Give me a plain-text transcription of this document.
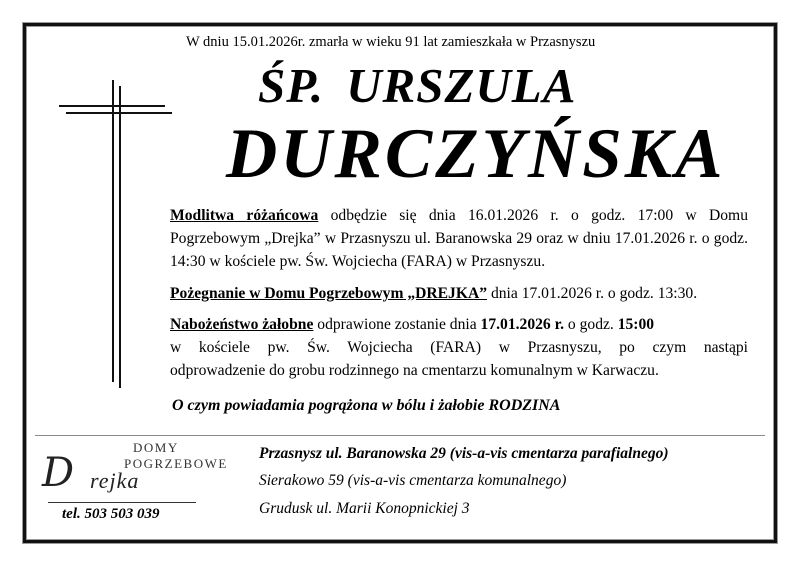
W dniu 15.01.2026r. zmarła w wieku 91 lat zamieszkała w Przasnyszu
ŚP. URSZULA
DURCZYŃSKA
Modlitwa różańcowa odbędzie się dnia 16.01.2026 r. o godz. 17:00 w Domu Pogrzebowym „Drejka” w Przasnyszu ul. Baranowska 29 oraz w dniu 17.01.2026 r. o godz. 14:30 w kościele pw. Św. Wojciecha (FARA) w Przasnyszu.
Pożegnanie w Domu Pogrzebowym „DREJKA” dnia 17.01.2026 r. o godz. 13:30.
Nabożeństwo żałobne odprawione zostanie dnia 17.01.2026 r. o godz. 15:00
w kościele pw. Św. Wojciecha (FARA) w Przasnyszu, po czym nastąpi
odprowadzenie do grobu rodzinnego na cmentarzu komunalnym w Karwaczu.
O czym powiadamia pogrążona w bólu i żałobie RODZINA
DOMY
POGRZEBOWE
D rejka
tel. 503 503 039
Przasnysz ul. Baranowska 29 (vis-a-vis cmentarza parafialnego)
Sierakowo 59 (vis-a-vis cmentarza komunalnego)
Grudusk ul. Marii Konopnickiej 3
